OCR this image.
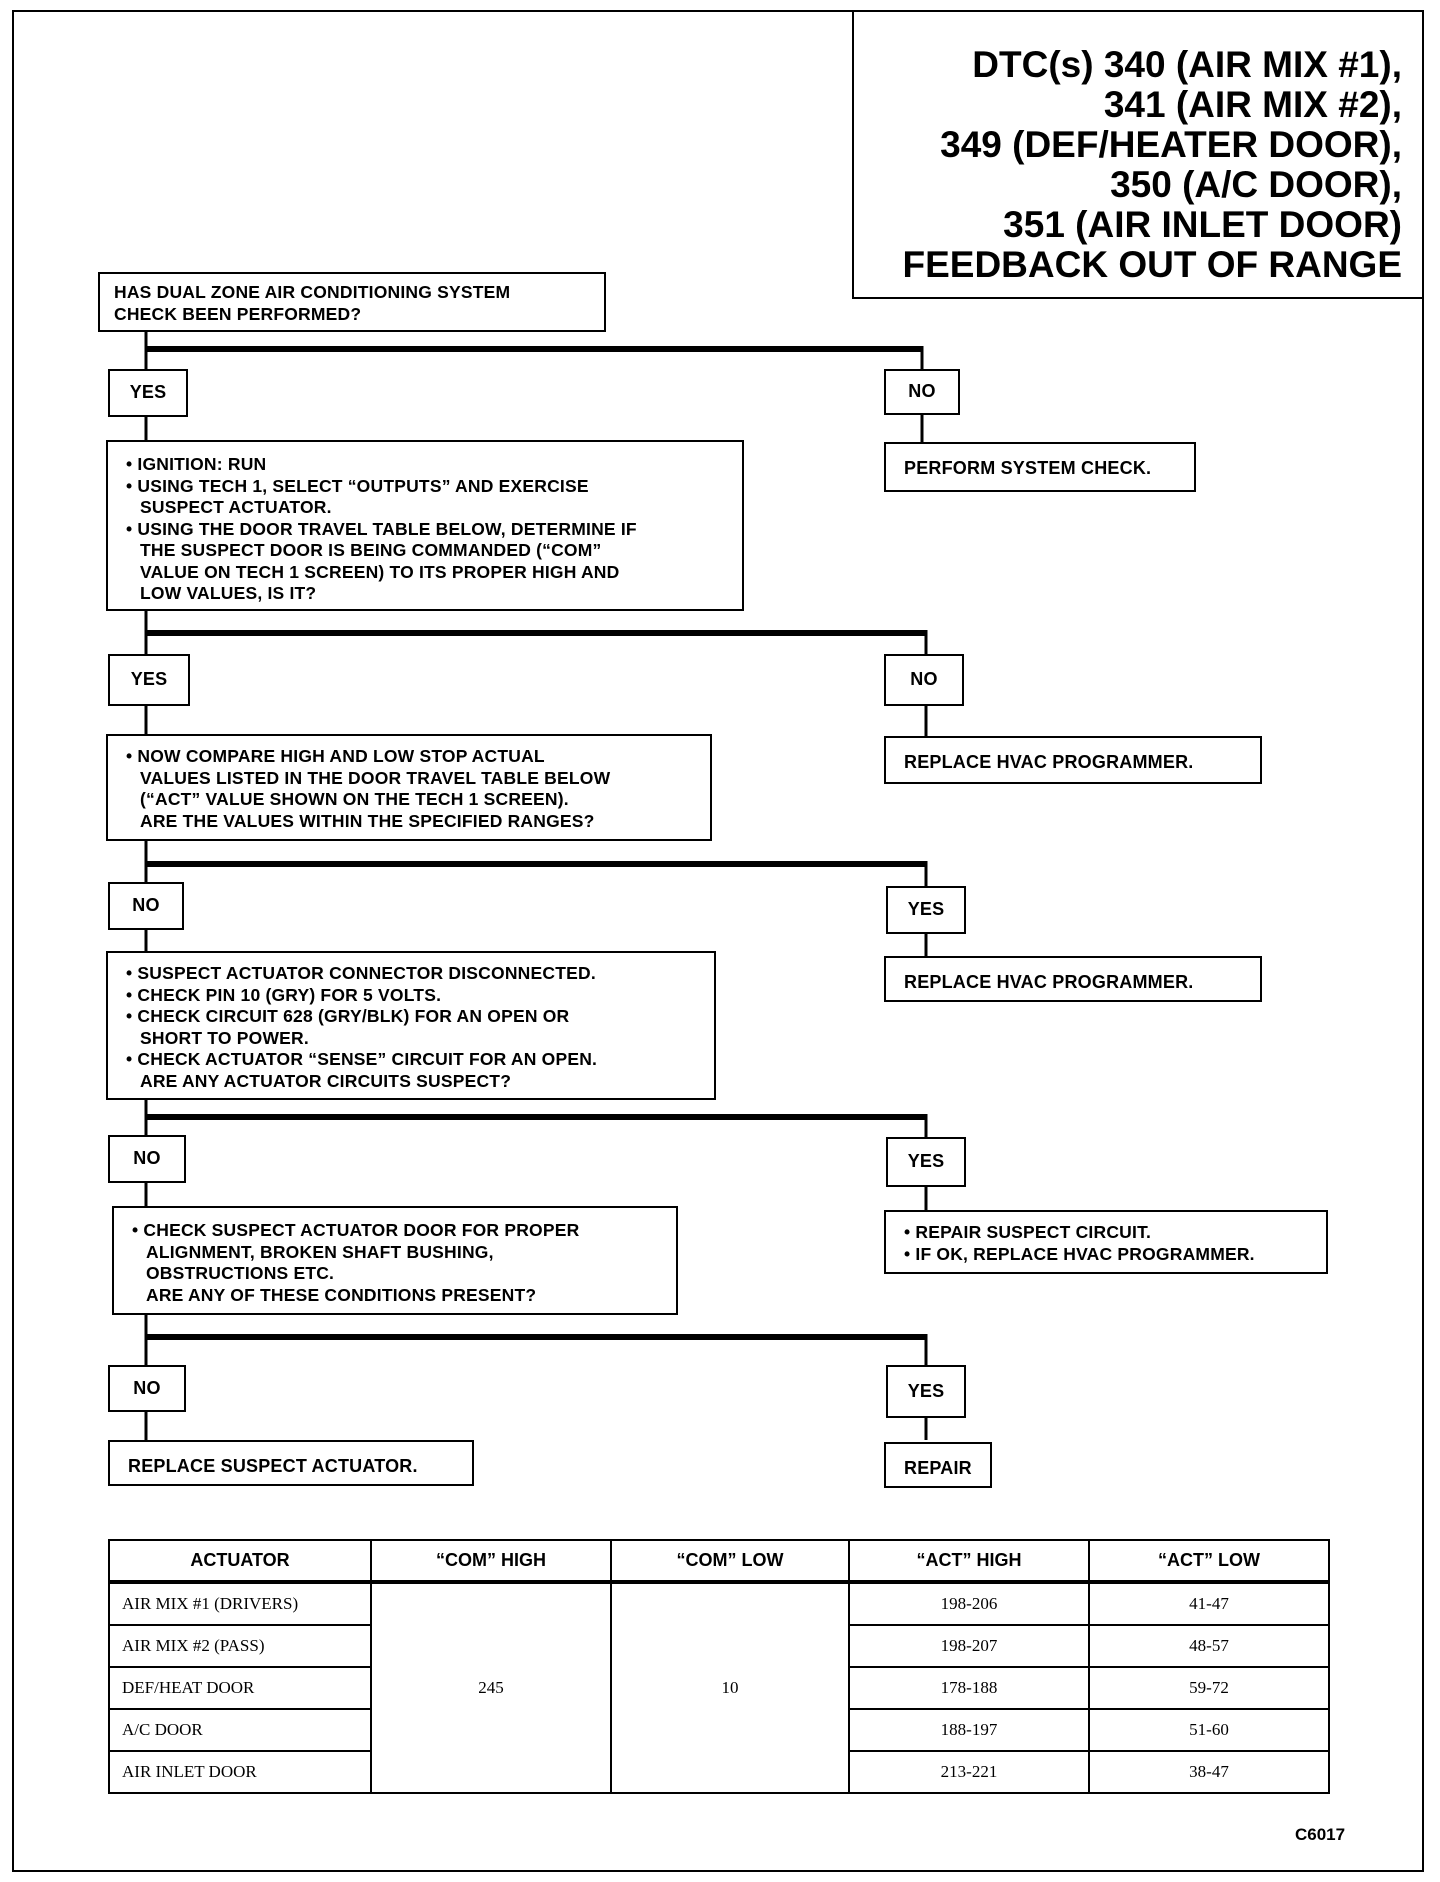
DTC(s) 340 (AIR MIX #1),
341 (AIR MIX #2),
349 (DEF/HEATER DOOR),
350 (A/C DOOR),
351 (AIR INLET DOOR)
FEEDBACK OUT OF RANGE
HAS DUAL ZONE AIR CONDITIONING SYSTEM
CHECK BEEN PERFORMED?
YES	NO
PERFORM SYSTEM CHECK.
• IGNITION: RUN
• USING TECH 1, SELECT “OUTPUTS” AND EXERCISE
SUSPECT ACTUATOR.
• USING THE DOOR TRAVEL TABLE BELOW, DETERMINE IF
THE SUSPECT DOOR IS BEING COMMANDED (“COM”
VALUE ON TECH 1 SCREEN) TO ITS PROPER HIGH AND
LOW VALUES, IS IT?
YES	NO
REPLACE HVAC PROGRAMMER.
• NOW COMPARE HIGH AND LOW STOP ACTUAL
VALUES LISTED IN THE DOOR TRAVEL TABLE BELOW
(“ACT” VALUE SHOWN ON THE TECH 1 SCREEN).
ARE THE VALUES WITHIN THE SPECIFIED RANGES?
NO	YES
REPLACE HVAC PROGRAMMER.
• SUSPECT ACTUATOR CONNECTOR DISCONNECTED.
• CHECK PIN 10 (GRY) FOR 5 VOLTS.
• CHECK CIRCUIT 628 (GRY/BLK) FOR AN OPEN OR
SHORT TO POWER.
• CHECK ACTUATOR “SENSE” CIRCUIT FOR AN OPEN.
ARE ANY ACTUATOR CIRCUITS SUSPECT?
NO	YES
• REPAIR SUSPECT CIRCUIT.
• IF OK, REPLACE HVAC PROGRAMMER.
• CHECK SUSPECT ACTUATOR DOOR FOR PROPER
ALIGNMENT, BROKEN SHAFT BUSHING,
OBSTRUCTIONS ETC.
ARE ANY OF THESE CONDITIONS PRESENT?
NO	YES
REPLACE SUSPECT ACTUATOR.	REPAIR
ACTUATOR	“COM” HIGH	“COM” LOW	“ACT” HIGH	“ACT” LOW
AIR MIX #1 (DRIVERS)	245	10	198-206	41-47
AIR MIX #2 (PASS)			198-207	48-57
DEF/HEAT DOOR			178-188	59-72
A/C DOOR			188-197	51-60
AIR INLET DOOR			213-221	38-47
C6017
